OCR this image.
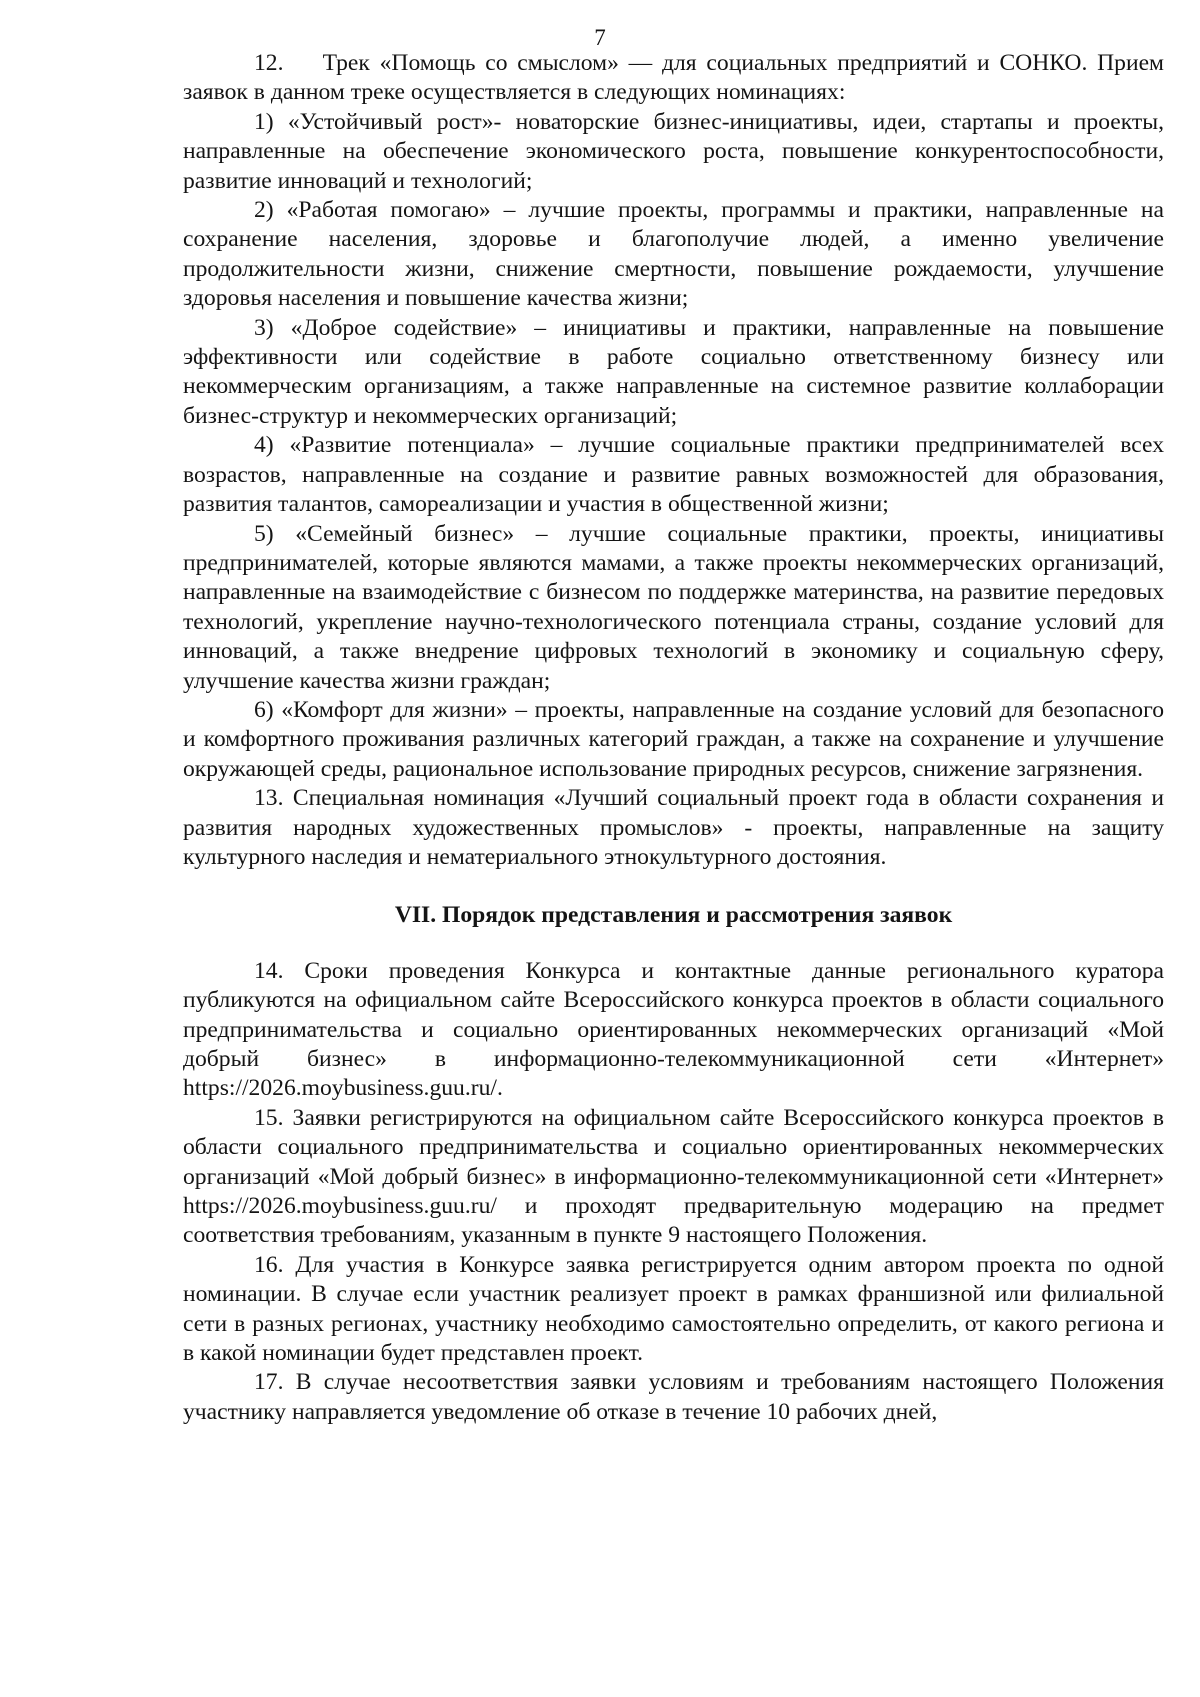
7

12.    Трек «Помощь со смыслом» — для социальных предприятий и СОНКО. Прием заявок в данном треке осуществляется в следующих номинациях:

1) «Устойчивый рост»- новаторские бизнес-инициативы, идеи, стартапы и проекты, направленные на обеспечение экономического роста, повышение конкурентоспособности, развитие инноваций и технологий;

2) «Работая помогаю» – лучшие проекты, программы и практики, направленные на сохранение населения, здоровье и благополучие людей, а именно увеличение продолжительности жизни, снижение смертности, повышение рождаемости, улучшение здоровья населения и повышение качества жизни;

3) «Доброе содействие» – инициативы и практики, направленные на повышение эффективности или содействие в работе социально ответственному бизнесу или некоммерческим организациям, а также направленные на системное развитие коллаборации бизнес-структур и некоммерческих организаций;

4) «Развитие потенциала» – лучшие социальные практики предпринимателей всех возрастов, направленные на создание и развитие равных возможностей для образования, развития талантов, самореализации и участия в общественной жизни;

5) «Семейный бизнес» – лучшие социальные практики, проекты, инициативы предпринимателей, которые являются мамами, а также проекты некоммерческих организаций, направленные на взаимодействие с бизнесом по поддержке материнства, на развитие передовых технологий, укрепление научно-технологического потенциала страны, создание условий для инноваций, а также внедрение цифровых технологий в экономику и социальную сферу, улучшение качества жизни граждан;

6) «Комфорт для жизни» – проекты, направленные на создание условий для безопасного и комфортного проживания различных категорий граждан, а также на сохранение и улучшение окружающей среды, рациональное использование природных ресурсов, снижение загрязнения.

13. Специальная номинация «Лучший социальный проект года в области сохранения и развития народных художественных промыслов» - проекты, направленные на защиту культурного наследия и нематериального этнокультурного достояния.

VII. Порядок представления и рассмотрения заявок

14. Сроки проведения Конкурса и контактные данные регионального куратора публикуются на официальном сайте Всероссийского конкурса проектов в области социального предпринимательства и социально ориентированных некоммерческих организаций «Мой добрый бизнес» в информационно-телекоммуникационной сети «Интернет» https://2026.moybusiness.guu.ru/.

15. Заявки регистрируются на официальном сайте Всероссийского конкурса проектов в области социального предпринимательства и социально ориентированных некоммерческих организаций «Мой добрый бизнес» в информационно-телекоммуникационной сети «Интернет» https://2026.moybusiness.guu.ru/ и проходят предварительную модерацию на предмет соответствия требованиям, указанным в пункте 9 настоящего Положения.

16. Для участия в Конкурсе заявка регистрируется одним автором проекта по одной номинации. В случае если участник реализует проект в рамках франшизной или филиальной сети в разных регионах, участнику необходимо самостоятельно определить, от какого региона и в какой номинации будет представлен проект.

17. В случае несоответствия заявки условиям и требованиям настоящего Положения участнику направляется уведомление об отказе в течение 10 рабочих дней,
